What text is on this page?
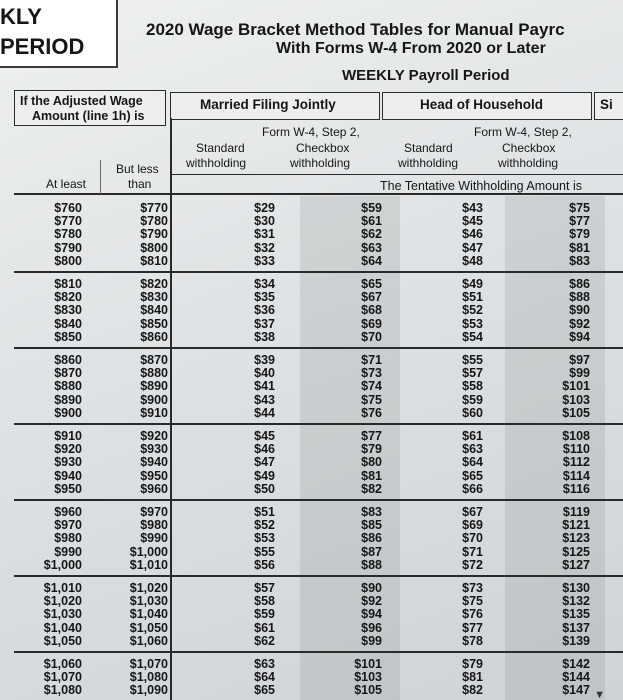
KLY
PERIOD
2020 Wage Bracket Method Tables for Manual Payrc
With Forms W-4 From 2020 or Later
WEEKLY Payroll Period
If the Adjusted Wage
Amount (line 1h) is
Married Filing Jointly	Head of Household	Si
Form W-4, Step 2,
Standard
withholding
Checkbox
withholding
Form W-4, Step 2,
Standard
withholding
Checkbox
withholding
But less
than
At least	The Tentative Withholding Amount is
$760	$770	$29	$59	$43	$75
$770	$780	$30	$61	$45	$77
$780	$790	$31	$62	$46	$79
$790	$800	$32	$63	$47	$81
$800	$810	$33	$64	$48	$83
$810	$820	$34	$65	$49	$86
$820	$830	$35	$67	$51	$88
$830	$840	$36	$68	$52	$90
$840	$850	$37	$69	$53	$92
$850	$860	$38	$70	$54	$94
$860	$870	$39	$71	$55	$97
$870	$880	$40	$73	$57	$99
$880	$890	$41	$74	$58	$101
$890	$900	$43	$75	$59	$103
$900	$910	$44	$76	$60	$105
$910	$920	$45	$77	$61	$108
$920	$930	$46	$79	$63	$110
$930	$940	$47	$80	$64	$112
$940	$950	$49	$81	$65	$114
$950	$960	$50	$82	$66	$116
$960	$970	$51	$83	$67	$119
$970	$980	$52	$85	$69	$121
$980	$990	$53	$86	$70	$123
$990	$1,000	$55	$87	$71	$125
$1,000	$1,010	$56	$88	$72	$127
$1,010	$1,020	$57	$90	$73	$130
$1,020	$1,030	$58	$92	$75	$132
$1,030	$1,040	$59	$94	$76	$135
$1,040	$1,050	$61	$96	$77	$137
$1,050	$1,060	$62	$99	$78	$139
$1,060	$1,070	$63	$101	$79	$142
$1,070	$1,080	$64	$103	$81	$144
$1,080	$1,090	$65	$105	$82	$147 ▼
